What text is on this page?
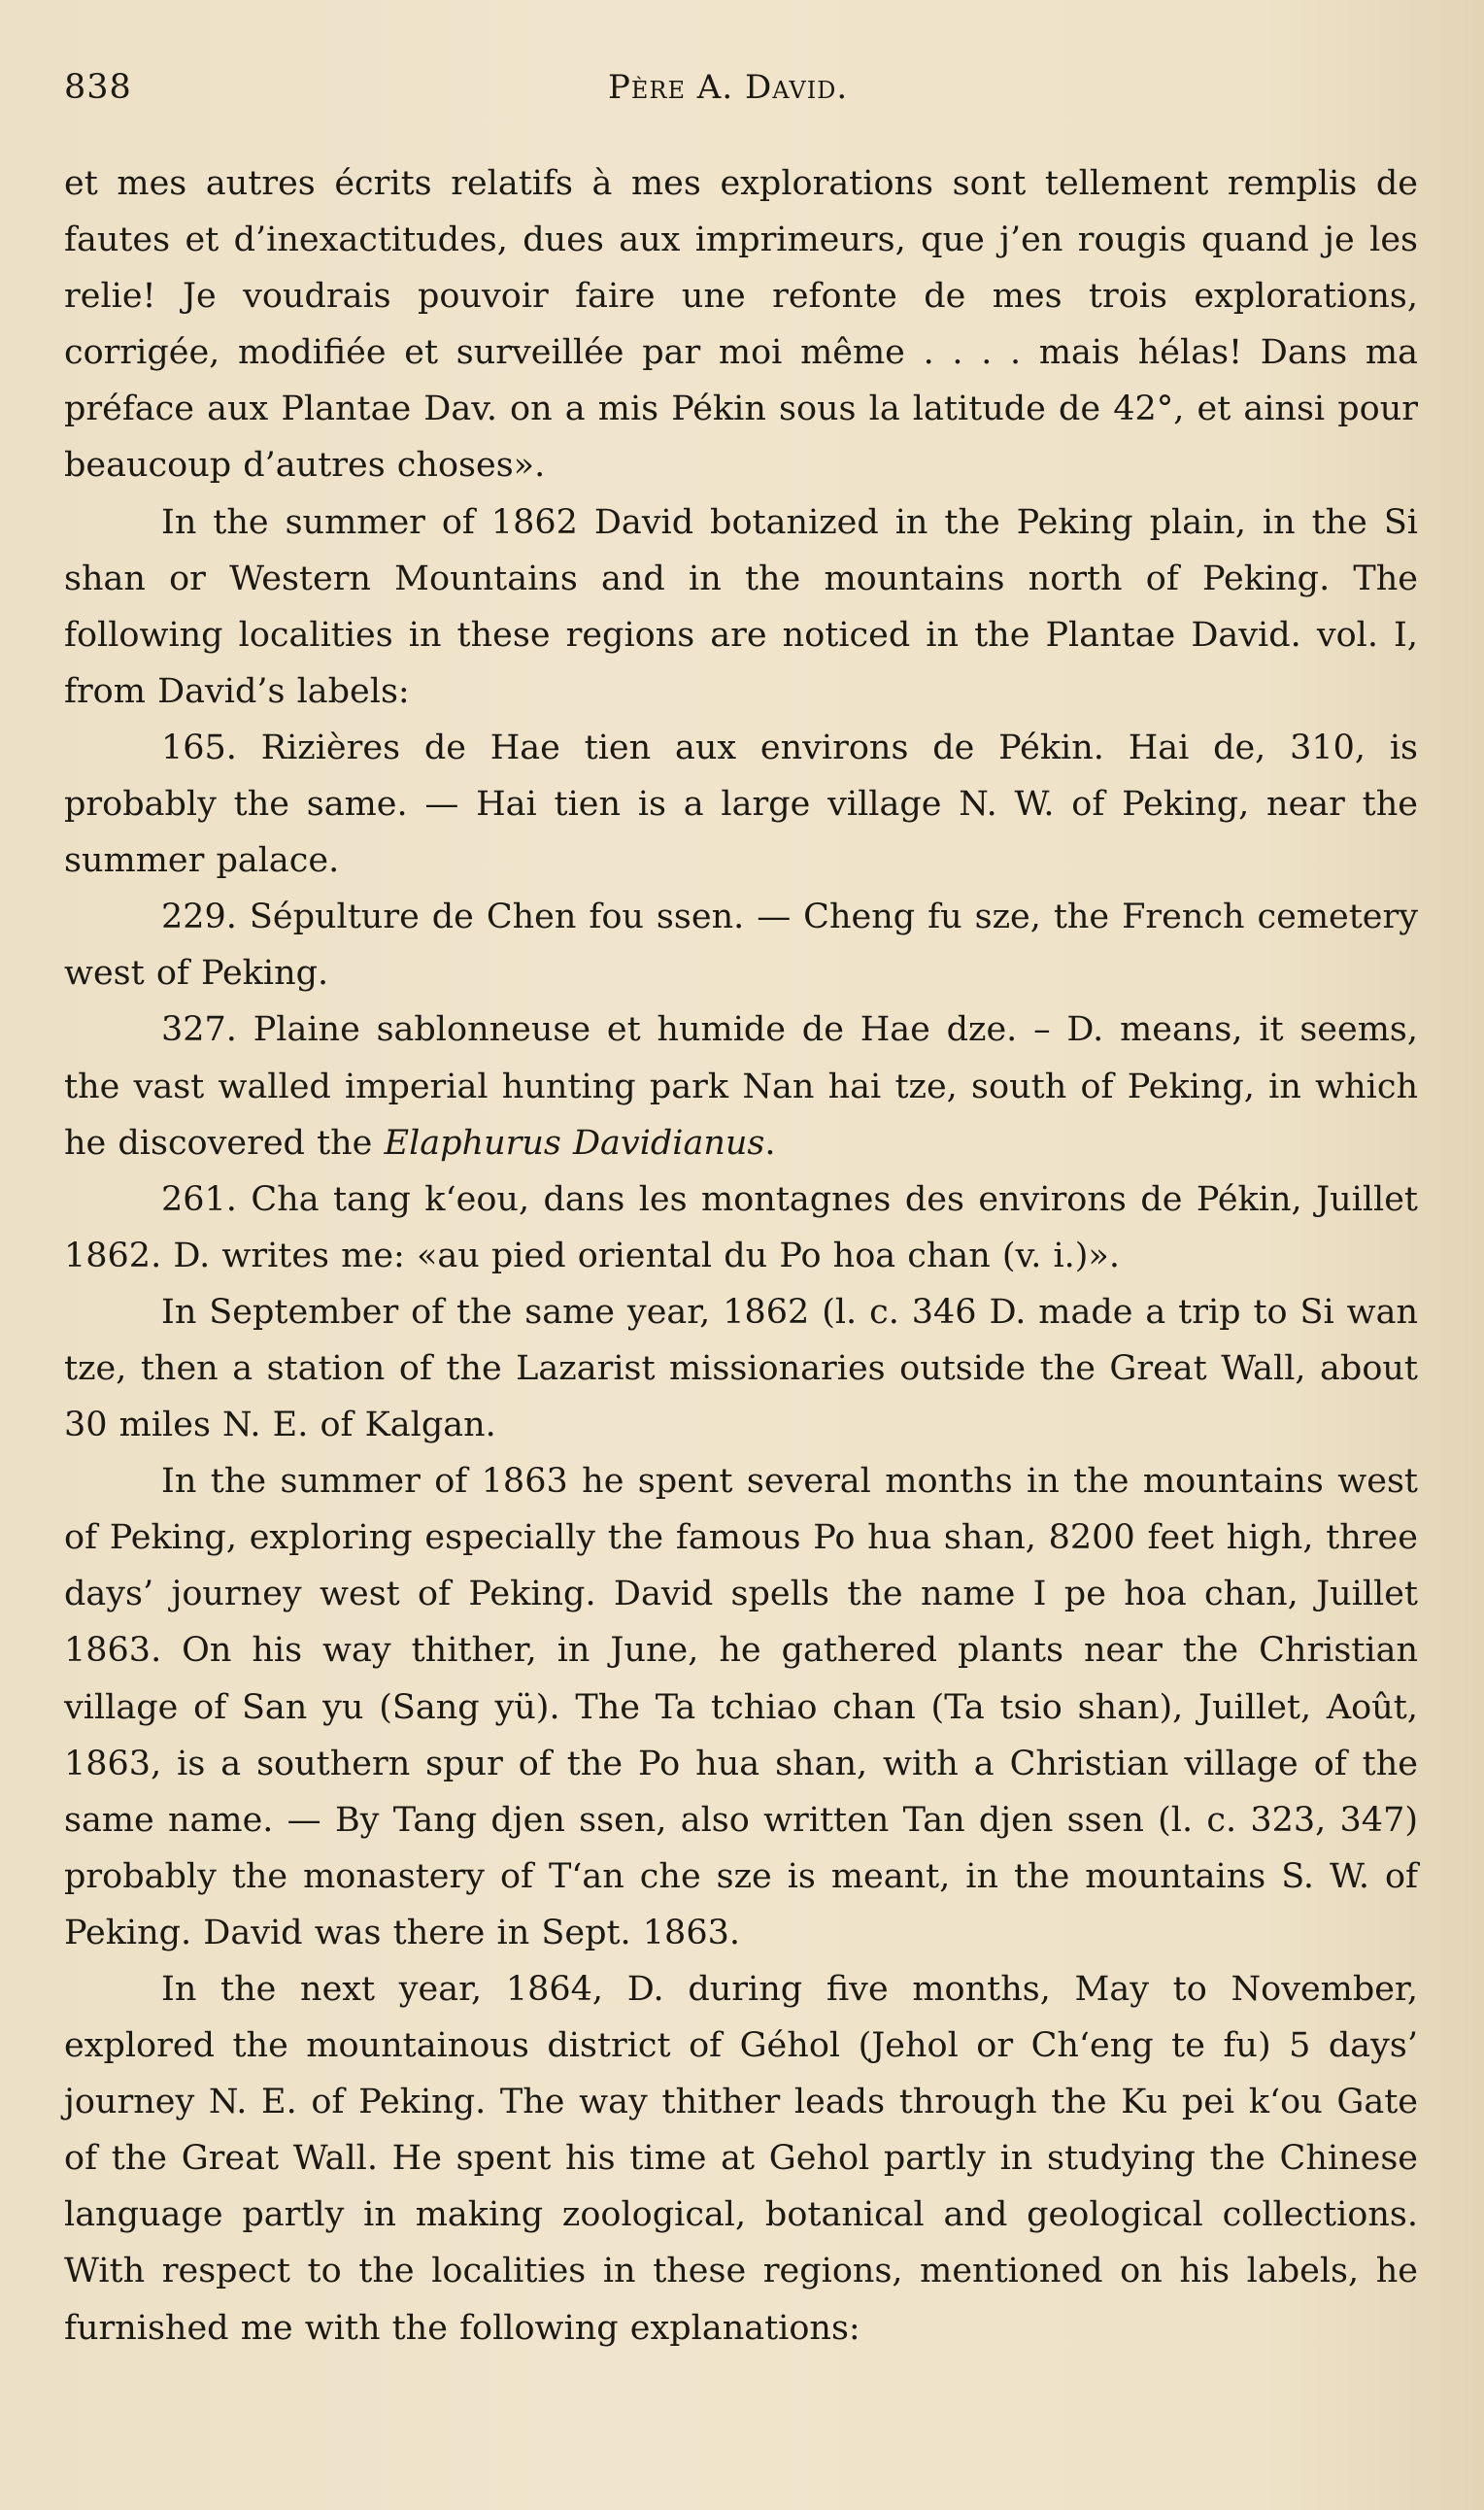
838	Père A. David.

et mes autres écrits relatifs à mes explorations sont tellement remplis de fautes et d’inexactitudes, dues aux imprimeurs, que j’en rougis quand je les relie! Je voudrais pouvoir faire une refonte de mes trois explorations, corrigée, modifiée et surveillée par moi même . . . . mais hélas! Dans ma préface aux Plantae Dav. on a mis Pékin sous la latitude de 42°, et ainsi pour beaucoup d’autres choses».

In the summer of 1862 David botanized in the Peking plain, in the Si shan or Western Mountains and in the mountains north of Peking. The following localities in these regions are noticed in the Plantae David. vol. I, from David’s labels:

165. Rizières de Hae tien aux environs de Pékin. Hai de, 310, is probably the same. — Hai tien is a large village N. W. of Peking, near the summer palace.

229. Sépulture de Chen fou ssen. — Cheng fu sze, the French cemetery west of Peking.

327. Plaine sablonneuse et humide de Hae dze. – D. means, it seems, the vast walled imperial hunting park Nan hai tze, south of Peking, in which he discovered the Elaphurus Davidianus.

261. Cha tang kʻeou, dans les montagnes des environs de Pékin, Juillet 1862. D. writes me: «au pied oriental du Po hoa chan (v. i.)».

In September of the same year, 1862 (l. c. 346 D. made a trip to Si wan tze, then a station of the Lazarist missionaries outside the Great Wall, about 30 miles N. E. of Kalgan.

In the summer of 1863 he spent several months in the mountains west of Peking, exploring especially the famous Po hua shan, 8200 feet high, three days’ journey west of Peking. David spells the name I pe hoa chan, Juillet 1863. On his way thither, in June, he gathered plants near the Christian village of San yu (Sang yü). The Ta tchiao chan (Ta tsio shan), Juillet, Août, 1863, is a southern spur of the Po hua shan, with a Christian village of the same name. — By Tang djen ssen, also written Tan djen ssen (l. c. 323, 347) probably the monastery of Tʻan che sze is meant, in the mountains S. W. of Peking. David was there in Sept. 1863.

In the next year, 1864, D. during five months, May to November, explored the mountainous district of Géhol (Jehol or Chʻeng te fu) 5 days’ journey N. E. of Peking. The way thither leads through the Ku pei kʻou Gate of the Great Wall. He spent his time at Gehol partly in studying the Chinese language partly in making zoological, botanical and geological collections. With respect to the localities in these regions, mentioned on his labels, he furnished me with the following explanations:
